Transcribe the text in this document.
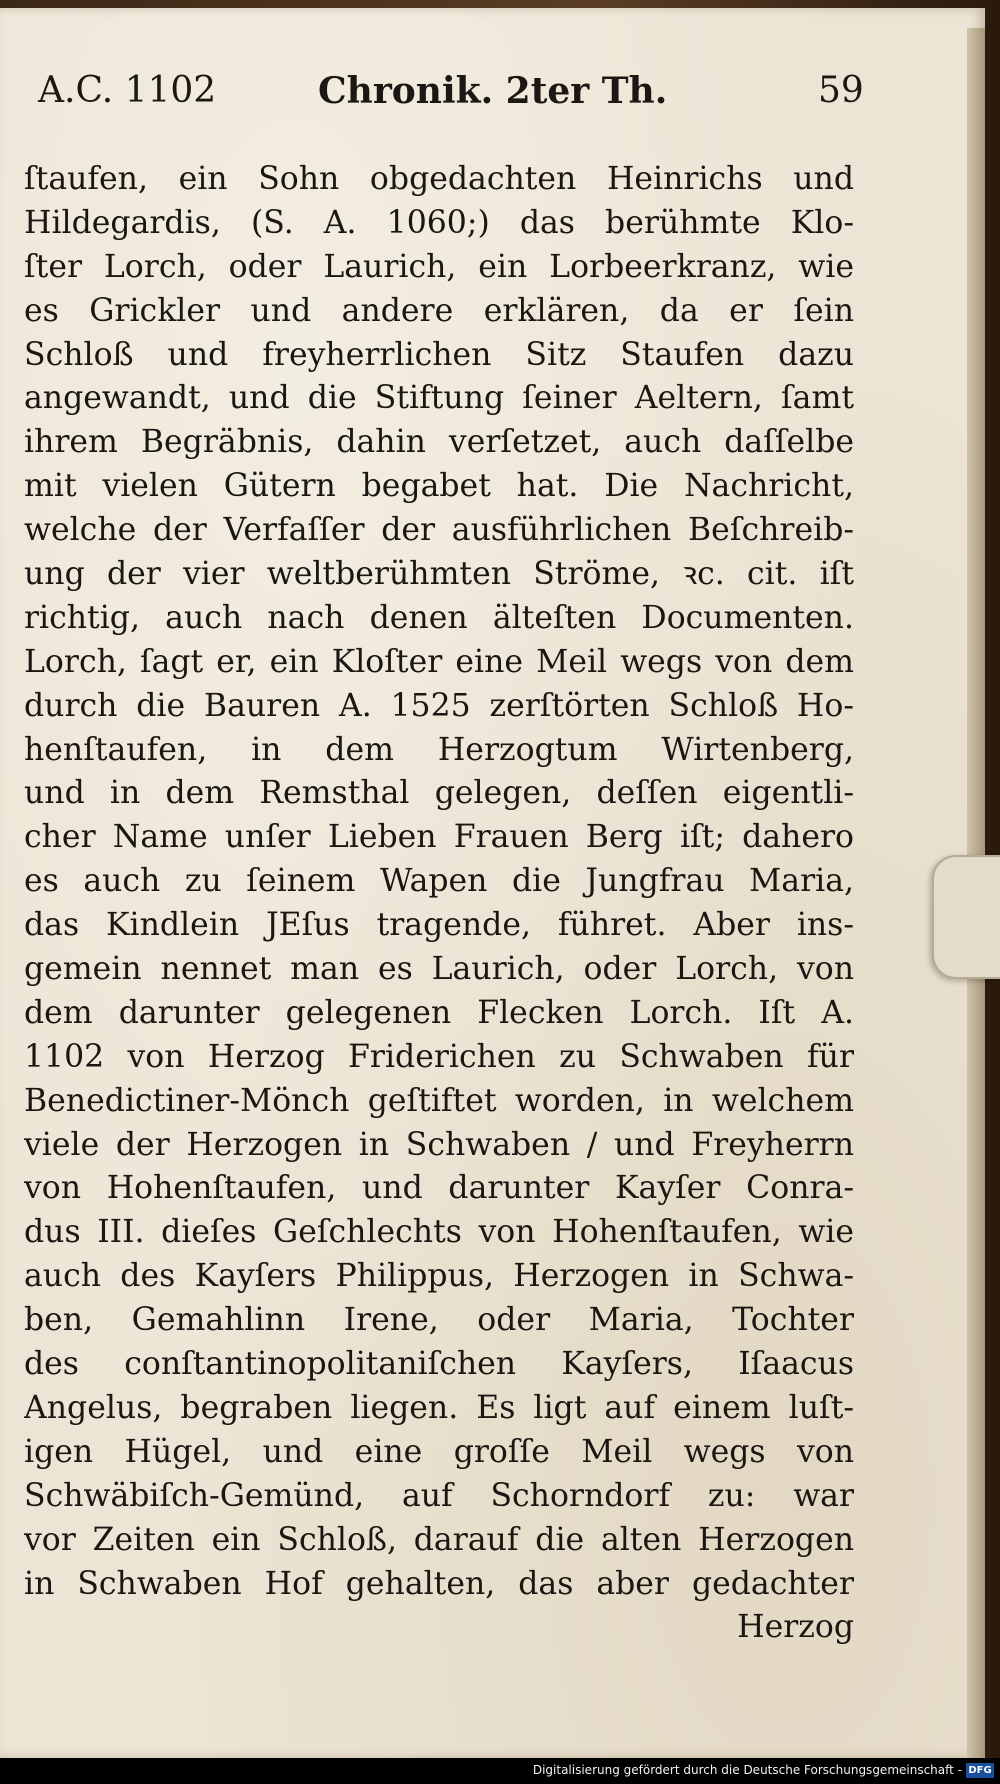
A.C. 1102	Chronik. 2ter Th.	59
ſtaufen, ein Sohn obgedachten Heinrichs und
Hildegardis, (S. A. 1060;) das berühmte Klo-
ſter Lorch, oder Laurich, ein Lorbeerkranz, wie
es Grickler und andere erklären, da er ſein
Schloß und freyherrlichen Sitz Staufen dazu
angewandt, und die Stiftung ſeiner Aeltern, ſamt
ihrem Begräbnis, dahin verſetzet, auch daſſelbe
mit vielen Gütern begabet hat. Die Nachricht,
welche der Verfaſſer der ausführlichen Beſchreib-
ung der vier weltberühmten Ströme, ꝛc. cit. iſt
richtig, auch nach denen älteſten Documenten.
Lorch, ſagt er, ein Kloſter eine Meil wegs von dem
durch die Bauren A. 1525 zerſtörten Schloß Ho-
henſtaufen, in dem Herzogtum Wirtenberg,
und in dem Remsthal gelegen, deſſen eigentli-
cher Name unſer Lieben Frauen Berg iſt; dahero
es auch zu ſeinem Wapen die Jungfrau Maria,
das Kindlein JEſus tragende, führet. Aber ins-
gemein nennet man es Laurich, oder Lorch, von
dem darunter gelegenen Flecken Lorch. Iſt A.
1102 von Herzog Friderichen zu Schwaben für
Benedictiner-Mönch geſtiftet worden, in welchem
viele der Herzogen in Schwaben / und Freyherrn
von Hohenſtaufen, und darunter Kayſer Conra-
dus III. dieſes Geſchlechts von Hohenſtaufen, wie
auch des Kayſers Philippus, Herzogen in Schwa-
ben, Gemahlinn Irene, oder Maria, Tochter
des conſtantinopolitaniſchen Kayſers, Iſaacus
Angelus, begraben liegen. Es ligt auf einem luſt-
igen Hügel, und eine groſſe Meil wegs von
Schwäbiſch-Gemünd, auf Schorndorf zu: war
vor Zeiten ein Schloß, darauf die alten Herzogen
in Schwaben Hof gehalten, das aber gedachter
Herzog
Digitalisierung gefördert durch die Deutsche Forschungsgemeinschaft - DFG
